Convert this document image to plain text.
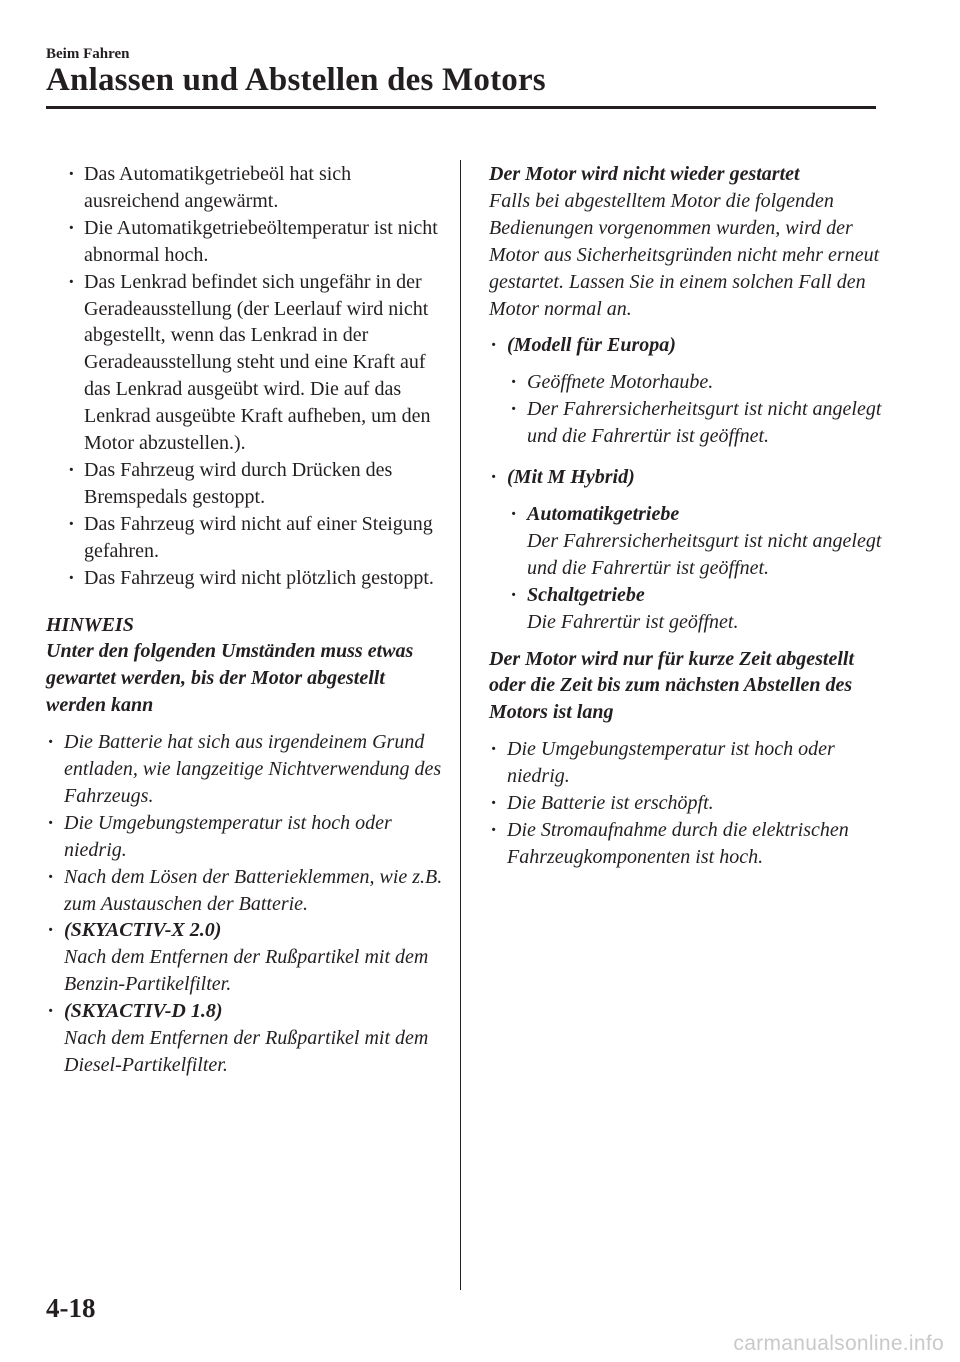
Beim Fahren
Anlassen und Abstellen des Motors
· Das Automatikgetriebeöl hat sich ausreichend angewärmt.
· Die Automatikgetriebeöltemperatur ist nicht abnormal hoch.
· Das Lenkrad befindet sich ungefähr in der Geradeausstellung (der Leerlauf wird nicht abgestellt, wenn das Lenkrad in der Geradeausstellung steht und eine Kraft auf das Lenkrad ausgeübt wird. Die auf das Lenkrad ausgeübte Kraft aufheben, um den Motor abzustellen.).
· Das Fahrzeug wird durch Drücken des Bremspedals gestoppt.
· Das Fahrzeug wird nicht auf einer Steigung gefahren.
· Das Fahrzeug wird nicht plötzlich gestoppt.
HINWEIS
Unter den folgenden Umständen muss etwas gewartet werden, bis der Motor abgestellt werden kann
· Die Batterie hat sich aus irgendeinem Grund entladen, wie langzeitige Nichtverwendung des Fahrzeugs.
· Die Umgebungstemperatur ist hoch oder niedrig.
· Nach dem Lösen der Batterieklemmen, wie z.B. zum Austauschen der Batterie.
· (SKYACTIV-X 2.0)
Nach dem Entfernen der Rußpartikel mit dem Benzin-Partikelfilter.
· (SKYACTIV-D 1.8)
Nach dem Entfernen der Rußpartikel mit dem Diesel-Partikelfilter.
Der Motor wird nicht wieder gestartet
Falls bei abgestelltem Motor die folgenden Bedienungen vorgenommen wurden, wird der Motor aus Sicherheitsgründen nicht mehr erneut gestartet. Lassen Sie in einem solchen Fall den Motor normal an.
· (Modell für Europa)
· Geöffnete Motorhaube.
· Der Fahrersicherheitsgurt ist nicht angelegt und die Fahrertür ist geöffnet.
· (Mit M Hybrid)
· Automatikgetriebe
Der Fahrersicherheitsgurt ist nicht angelegt und die Fahrertür ist geöffnet.
· Schaltgetriebe
Die Fahrertür ist geöffnet.
Der Motor wird nur für kurze Zeit abgestellt oder die Zeit bis zum nächsten Abstellen des Motors ist lang
· Die Umgebungstemperatur ist hoch oder niedrig.
· Die Batterie ist erschöpft.
· Die Stromaufnahme durch die elektrischen Fahrzeugkomponenten ist hoch.
4-18
carmanualsonline.info
